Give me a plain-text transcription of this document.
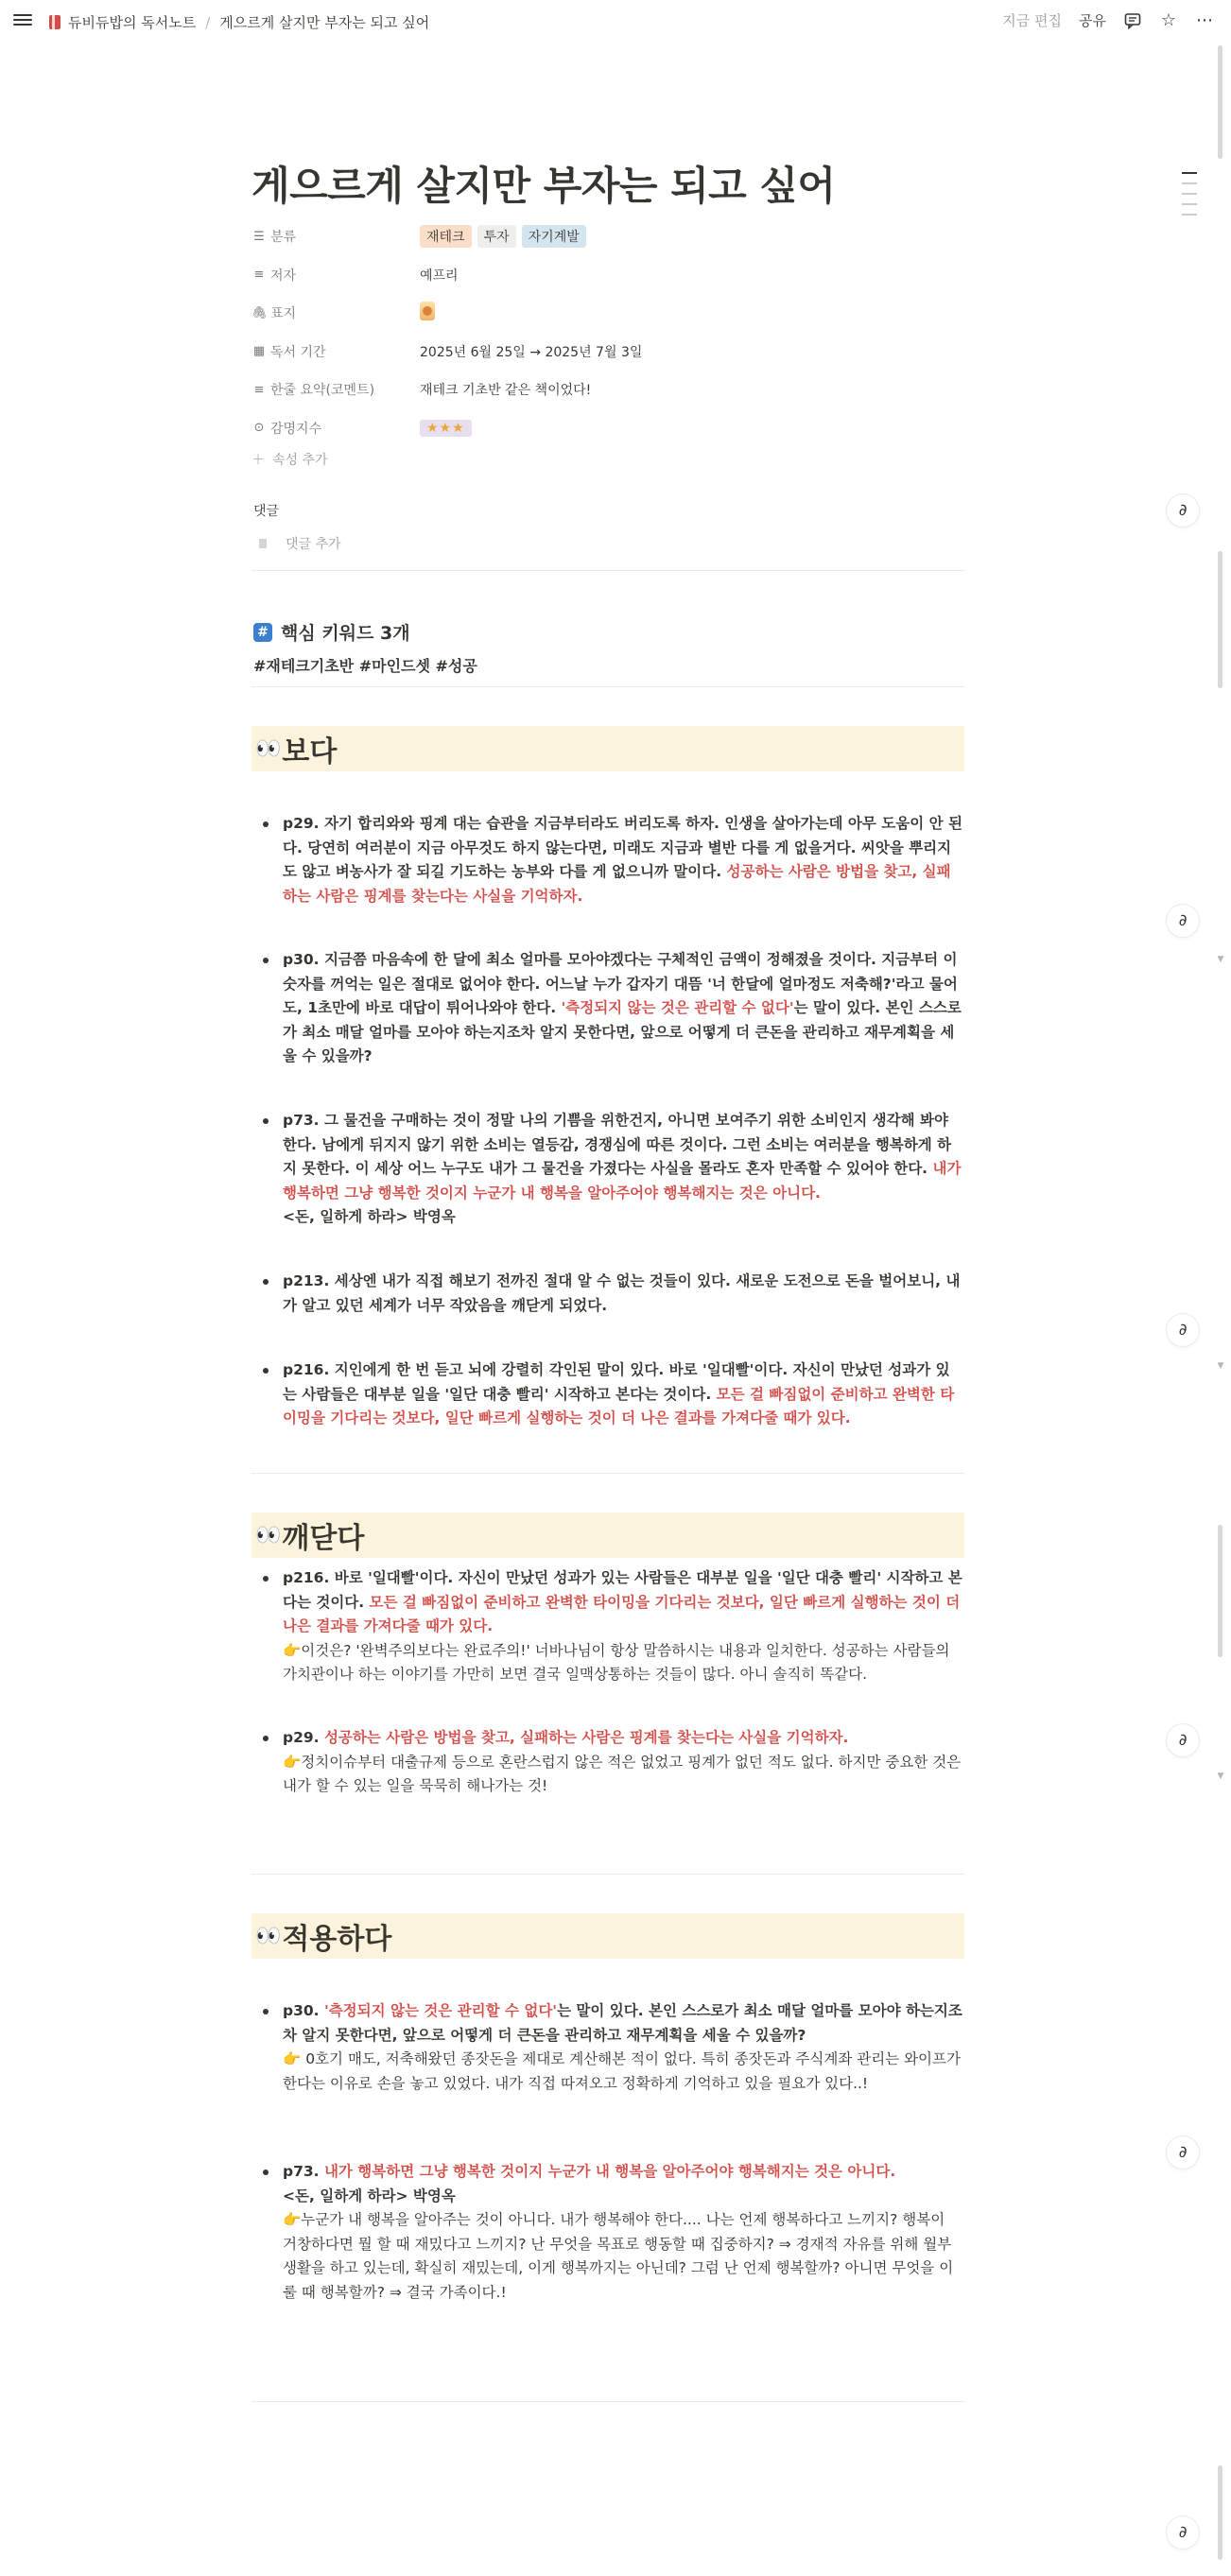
듀비듀밥의 독서노트 / 게으르게 살지만 부자는 되고 싶어	지금 편집 공유	☆ ⋯
▼
▼
▼
∂
∂
∂
∂
∂
∂
게으르게 살지만 부자는 되고 싶어
☰ 분류	재테크 투자 자기계발
≡ 저자	예프리
🖇 표지
▦ 독서 기간	2025년 6월 25일 → 2025년 7월 3일
≡ 한줄 요약(코멘트)	재테크 기초반 같은 책이었다!
⊙ 감명지수	★★★
＋ 속성 추가
댓글
댓글 추가
# 핵심 키워드 3개
#재테크기초반 #마인드셋 #성공
👀 보다
p29. 자기 합리와와 핑계 대는 습관을 지금부터라도 버리도록 하자. 인생을 살아가는데 아무 도움이 안 된다. 당연히 여러분이 지금 아무것도 하지 않는다면, 미래도 지금과 별반 다를 게 없을거다. 씨앗을 뿌리지도 않고 벼농사가 잘 되길 기도하는 농부와 다를 게 없으니까 말이다. 성공하는 사람은 방법을 찾고, 실패하는 사람은 핑계를 찾는다는 사실을 기억하자.
p30. 지금쯤 마음속에 한 달에 최소 얼마를 모아야겠다는 구체적인 금액이 정해졌을 것이다. 지금부터 이 숫자를 꺼억는 일은 절대로 없어야 한다. 어느날 누가 갑자기 대뜸 '너 한달에 얼마정도 저축해?'라고 물어도, 1초만에 바로 대답이 튀어나와야 한다. '측정되지 않는 것은 관리할 수 없다'는 말이 있다. 본인 스스로가 최소 매달 얼마를 모아야 하는지조차 알지 못한다면, 앞으로 어떻게 더 큰돈을 관리하고 재무계획을 세울 수 있을까?
p73. 그 물건을 구매하는 것이 정말 나의 기쁨을 위한건지, 아니면 보여주기 위한 소비인지 생각해 봐야 한다. 남에게 뒤지지 않기 위한 소비는 열등감, 경쟁심에 따른 것이다. 그런 소비는 여러분을 행복하게 하지 못한다. 이 세상 어느 누구도 내가 그 물건을 가졌다는 사실을 몰라도 혼자 만족할 수 있어야 한다. 내가 행복하면 그냥 행복한 것이지 누군가 내 행복을 알아주어야 행복해지는 것은 아니다.
<돈, 일하게 하라> 박영옥
p213. 세상엔 내가 직접 해보기 전까진 절대 알 수 없는 것들이 있다. 새로운 도전으로 돈을 벌어보니, 내가 알고 있던 세계가 너무 작았음을 깨닫게 되었다.
p216. 지인에게 한 번 듣고 뇌에 강렬히 각인된 말이 있다. 바로 '일대빨'이다. 자신이 만났던 성과가 있는 사람들은 대부분 일을 '일단 대충 빨리' 시작하고 본다는 것이다. 모든 걸 빠짐없이 준비하고 완벽한 타이밍을 기다리는 것보다, 일단 빠르게 실행하는 것이 더 나은 결과를 가져다줄 때가 있다.
👀 깨닫다
p216. 바로 '일대빨'이다. 자신이 만났던 성과가 있는 사람들은 대부분 일을 '일단 대충 빨리' 시작하고 본다는 것이다. 모든 걸 빠짐없이 준비하고 완벽한 타이밍을 기다리는 것보다, 일단 빠르게 실행하는 것이 더 나은 결과를 가져다줄 때가 있다.
👉이것은? '완벽주의보다는 완료주의!' 너바나님이 항상 말씀하시는 내용과 일치한다. 성공하는 사람들의 가치관이나 하는 이야기를 가만히 보면 결국 일맥상통하는 것들이 많다. 아니 솔직히 똑같다.
p29. 성공하는 사람은 방법을 찾고, 실패하는 사람은 핑계를 찾는다는 사실을 기억하자.
👉정치이슈부터 대출규제 등으로 혼란스럽지 않은 적은 없었고 핑계가 없던 적도 없다. 하지만 중요한 것은 내가 할 수 있는 일을 묵묵히 해나가는 것!
👀 적용하다
p30. '측정되지 않는 것은 관리할 수 없다'는 말이 있다. 본인 스스로가 최소 매달 얼마를 모아야 하는지조차 알지 못한다면, 앞으로 어떻게 더 큰돈을 관리하고 재무계획을 세울 수 있을까?
👉 0호기 매도, 저축해왔던 종잣돈을 제대로 계산해본 적이 없다. 특히 종잣돈과 주식계좌 관리는 와이프가 한다는 이유로 손을 놓고 있었다. 내가 직접 따져오고 정확하게 기억하고 있을 필요가 있다..!
p73. 내가 행복하면 그냥 행복한 것이지 누군가 내 행복을 알아주어야 행복해지는 것은 아니다.
<돈, 일하게 하라> 박영옥
👉누군가 내 행복을 알아주는 것이 아니다. 내가 행복해야 한다.... 나는 언제 행복하다고 느끼지? 행복이 거창하다면 뭘 할 때 재밌다고 느끼지? 난 무엇을 목표로 행동할 때 집중하지? ⇒ 경재적 자유를 위해 월부 생활을 하고 있는데, 확실히 재밌는데, 이게 행복까지는 아닌데? 그럼 난 언제 행복할까? 아니면 무엇을 이룰 때 행복할까? ⇒ 결국 가족이다.!
